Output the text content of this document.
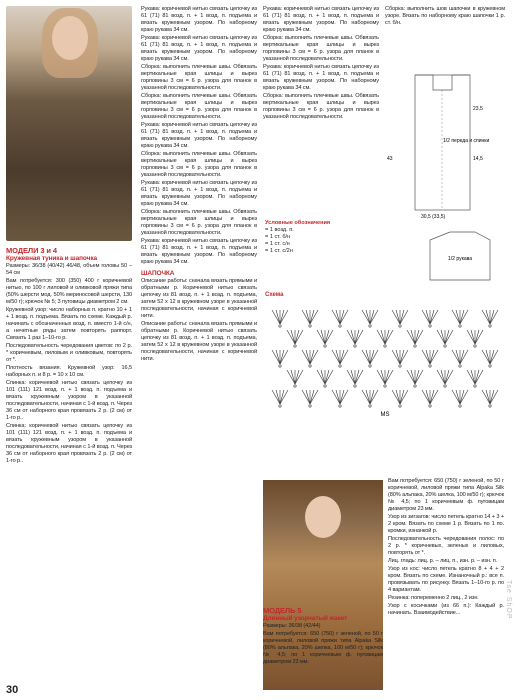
МОДЕЛИ 3 и 4
Кружевная туника и шапочка

Размеры: 36/38 (40/42) 46/48, объем головы 50 – 54 см

Вам потребуется: 300 (350) 400 г коричневой нитью, по 100 г лиловой и оливковой пряжи типа (50% шерсти мод. 50% мериносовой шерсти, 130 м/50 г); крючок № 5; 3 пуговицы диаметром 2 см.

Кружевной узор: число наборных п. кратно 10 + 1 + 1 возд. п. подъема. Вязать по схеме. Каждый р. начинать с обозначенных возд. п. вместо 1-й с/н, а нечетные ряды затем повторять раппорт. Связать 1 раз 1–10-го р.

Последовательность чередования цветов: по 2 р. * коричневым, лиловым и оливковым, повторять от *.

Плотность вязания. Кружевной узор: 16,5 наборных п. и 8 р. = 10 х 10 см.

Спинка: коричневой нитью связать цепочку из 101 (111) 121 возд. п. + 1 возд. п. подъема и вязать кружевным узором в указанной последовательности, начиная с 1-й возд. п. Через 36 см от наборного края провязать 2 р. (2 см) от 1-го р..

Спинка: коричневой нитью связать цепочку из 101 (111) 121 возд. п. + 1 возд. п. подъема и вязать кружевным узором в указанной последовательности, начиная с 1-й возд. п. Через 36 см от наборного края провязать 2 р. (2 см) от 1-го р..

Рукава: коричневой нитью связать цепочку из 61 (71) 81 возд. п. + 1 возд. п. подъема и вязать кружевным узором. По наборному краю рукава 34 см.

Рукава: коричневой нитью связать цепочку из 61 (71) 81 возд. п. + 1 возд. п. подъема и вязать кружевным узором. По наборному краю рукава 34 см.

Сборка: выполнить плечевые швы. Обвязать вертикальные края шлицы и вырез горловины 3 см = 6 р. узора для планок в указанной последовательности.

Сборка: выполнить плечевые швы. Обвязать вертикальные края шлицы и вырез горловины 3 см = 6 р. узора для планок в указанной последовательности.

Рукава: коричневой нитью связать цепочку из 61 (71) 81 возд. п. + 1 возд. п. подъема и вязать кружевным узором. По наборному краю рукава 34 см.

Сборка: выполнить плечевые швы. Обвязать вертикальные края шлицы и вырез горловины 3 см = 6 р. узора для планок в указанной последовательности.

Рукава: коричневой нитью связать цепочку из 61 (71) 81 возд. п. + 1 возд. п. подъема и вязать кружевным узором. По наборному краю рукава 34 см.

Сборка: выполнить плечевые швы. Обвязать вертикальные края шлицы и вырез горловины 3 см = 6 р. узора для планок в указанной последовательности.

Рукава: коричневой нитью связать цепочку из 61 (71) 81 возд. п. + 1 возд. п. подъема и вязать кружевным узором. По наборному краю рукава 34 см.

ШАПОЧКА

Описание работы: сначала вязать прямыми и обратными р. Коричневой нитью связать цепочку из 81 возд. п. + 1 возд. п. подъема, затем 52 х 12 в кружевном узоре в указанной последовательности, начиная с коричневой нити.

Описание работы: сначала вязать прямыми и обратными р. Коричневой нитью связать цепочку из 81 возд. п. + 1 возд. п. подъема, затем 52 х 12 в кружевном узоре в указанной последовательности, начиная с коричневой нити.

Рукава: коричневой нитью связать цепочку из 61 (71) 81 возд. п. + 1 возд. п. подъема и вязать кружевным узором. По наборному краю рукава 34 см.

Сборка: выполнить плечевые швы. Обвязать вертикальные края шлицы и вырез горловины 3 см = 6 р. узора для планок в указанной последовательности.

Рукава: коричневой нитью связать цепочку из 61 (71) 81 возд. п. + 1 возд. п. подъема и вязать кружевным узором. По наборному краю рукава 34 см.

Сборка: выполнить плечевые швы. Обвязать вертикальные края шлицы и вырез горловины 3 см = 6 р. узора для планок в указанной последовательности.

Сборка: выполнить шов шапочки в кружевном узоре. Вязать по наборному краю шапочки 1 р. ст. б/н.

1/2 переда и спинки
23,5
14,5
30,5 (33,5)
43
Условные обозначения
= 1 возд. п.
= 1 ст. б/н
= 1 ст. с/н
= 1 ст. с/2н
1/2 рукава
Схема
MS
МОДЕЛЬ 5
Длинный узорчатый жакет

Размеры: 36/38 (42/44)

Вам потребуется: 650 (750) г зеленой, по 50 г коричневой, лиловой пряжи типа Alpaka Silk (80% альпака, 20% шелка, 100 м/50 г); крючок № 4,5; по 1 коричневым ф. пуговицам диаметром 23 мм.

Вам потребуется: 650 (750) г зеленой, по 50 г коричневой, лиловой пряжи типа Alpaka Silk (80% альпака, 20% шелка, 100 м/50 г); крючок № 4,5; по 1 коричневым ф. пуговицам диаметром 23 мм.

Узор из зигзагов: число петель кратно 14 + 3 + 2 кром. Вязать по схеме 1 р. Вязать по 1 по. кромки, изнанкой р.

Последовательность чередования полос: по 2 р. * коричневых, зеленых и лиловых, повторять от *.

Лиц. гладь: лиц. р. – лиц. п., изн. р. – изн. п.

Узор из кос: число петель кратно 8 + 4 + 2 кром. Вязать по схеме. Изнаночный р.: все п. провязывать по рисунку. Вязать 1–10-го р. по 4 вариантам.

Резинка: попеременно 2 лиц., 2 изн.

Узор с косичками (из 66 п.): Каждый р. начинать. Взаимодействие...	Tse ShOP
30
